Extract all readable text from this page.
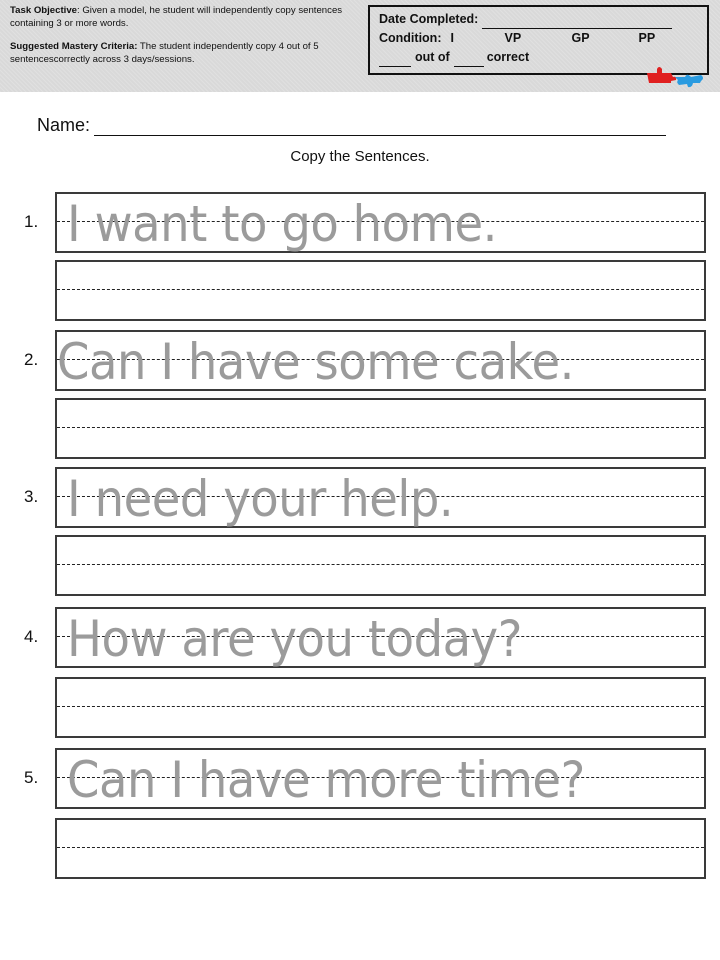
Task Objective: Given a model, he student will independently copy sentences containing 3 or more words.

Suggested Mastery Criteria: The student independently copy 4 out of 5 sentencescorrectly across 3 days/sessions.

Date Completed:
Condition: I	VP	GP	PP
out of	correct
Name:
Copy the Sentences.
1. I want to go home.
2. Can I have some cake.
3. I need your help.
4. How are you today?
5. Can I have more time?
